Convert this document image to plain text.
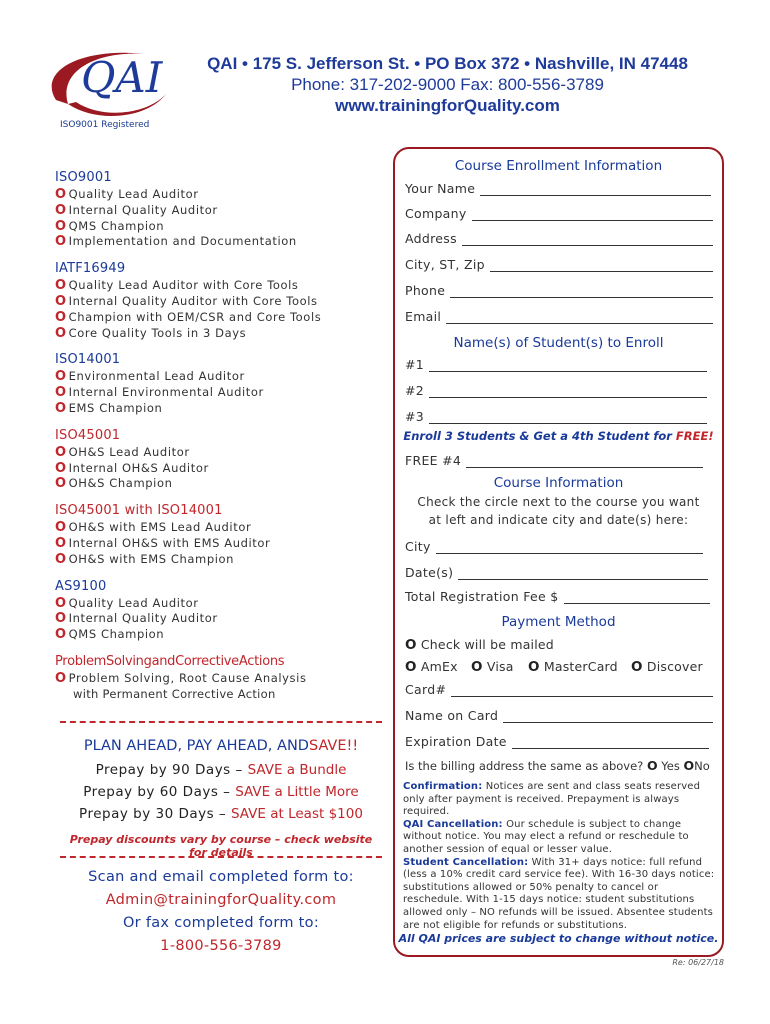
QAI
ISO9001 Registered
QAI • 175 S. Jefferson St. • PO Box 372 • Nashville, IN 47448
Phone: 317-202-9000 Fax: 800-556-3789
www.trainingforQuality.com
ISO9001
O Quality Lead Auditor
O Internal Quality Auditor
O QMS Champion
O Implementation and Documentation
IATF16949
O Quality Lead Auditor with Core Tools
O Internal Quality Auditor with Core Tools
O Champion with OEM/CSR and Core Tools
O Core Quality Tools in 3 Days
ISO14001
O Environmental Lead Auditor
O Internal Environmental Auditor
O EMS Champion
ISO45001
O OH&S Lead Auditor
O Internal OH&S Auditor
O OH&S Champion
ISO45001 with ISO14001
O OH&S with EMS Lead Auditor
O Internal OH&S with EMS Auditor
O OH&S with EMS Champion
AS9100
O Quality Lead Auditor
O Internal Quality Auditor
O QMS Champion
ProblemSolvingandCorrectiveActions
O Problem Solving, Root Cause Analysis
with Permanent Corrective Action
PLAN AHEAD, PAY AHEAD, ANDSAVE!!
Prepay by 90 Days – SAVE a Bundle
Prepay by 60 Days – SAVE a Little More
Prepay by 30 Days – SAVE at Least $100
Prepay discounts vary by course – check website for details
Scan and email completed form to:
Admin@trainingforQuality.com
Or fax completed form to:
1-800-556-3789
Course Enrollment Information
Your Name
Company
Address
City, ST, Zip
Phone
Email
Name(s) of Student(s) to Enroll
#1
#2
#3
Enroll 3 Students & Get a 4th Student for FREE!
FREE #4
Course Information
Check the circle next to the course you want
at left and indicate city and date(s) here:
City
Date(s)
Total Registration Fee $
Payment Method
O Check will be mailed
O AmEx O Visa O MasterCard O Discover
Card#
Name on Card
Expiration Date
Is the billing address the same as above? O Yes ONo
Confirmation: Notices are sent and class seats reserved only after payment is received. Prepayment is always required.
QAI Cancellation: Our schedule is subject to change without notice. You may elect a refund or reschedule to another session of equal or lesser value.
Student Cancellation: With 31+ days notice: full refund (less a 10% credit card service fee). With 16-30 days notice: substitutions allowed or 50% penalty to cancel or reschedule. With 1-15 days notice: student substitutions allowed only – NO refunds will be issued. Absentee students are not eligible for refunds or substitutions.
All QAI prices are subject to change without notice.
Re: 06/27/18
